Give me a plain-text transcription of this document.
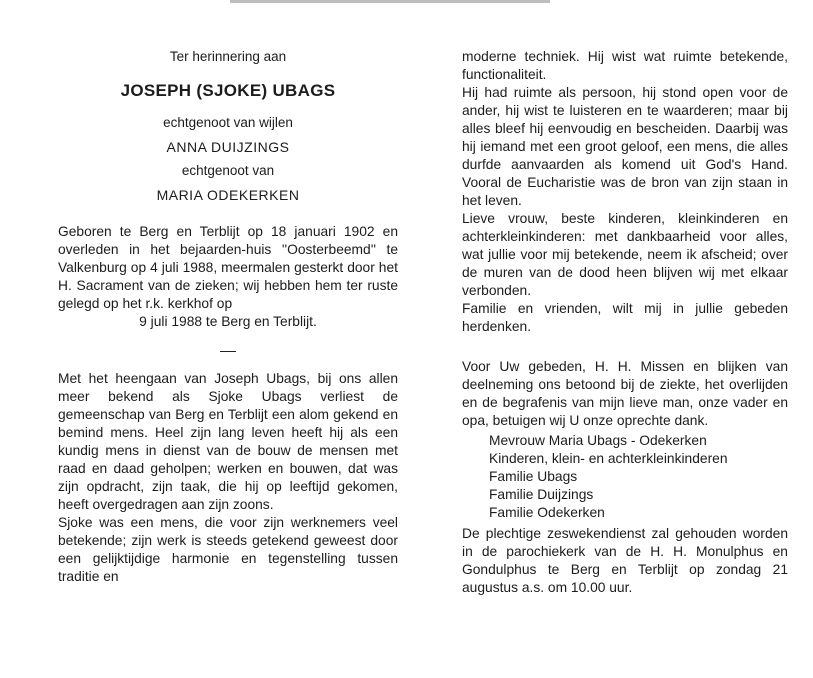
Ter herinnering aan

JOSEPH (SJOKE) UBAGS

echtgenoot van wijlen

ANNA DUIJZINGS

echtgenoot van

MARIA ODEKERKEN

Geboren te Berg en Terblijt op 18 januari 1902 en overleden in het bejaarden-huis ''Oosterbeemd'' te Valkenburg op 4 juli 1988, meermalen gesterkt door het H. Sacrament van de zieken; wij hebben hem ter ruste gelegd op het r.k. kerkhof op

9 juli 1988 te Berg en Terblijt.

Met het heengaan van Joseph Ubags, bij ons allen meer bekend als Sjoke Ubags verliest de gemeenschap van Berg en Terblijt een alom gekend en bemind mens. Heel zijn lang leven heeft hij als een kundig mens in dienst van de bouw de mensen met raad en daad geholpen; werken en bouwen, dat was zijn opdracht, zijn taak, die hij op leeftijd gekomen, heeft overgedragen aan zijn zoons.

Sjoke was een mens, die voor zijn werknemers veel betekende; zijn werk is steeds getekend geweest door een gelijktijdige harmonie en tegenstelling tussen traditie en

moderne techniek. Hij wist wat ruimte betekende, functionaliteit.

Hij had ruimte als persoon, hij stond open voor de ander, hij wist te luisteren en te waarderen; maar bij alles bleef hij eenvoudig en bescheiden. Daarbij was hij iemand met een groot geloof, een mens, die alles durfde aanvaarden als komend uit God's Hand. Vooral de Eucharistie was de bron van zijn staan in het leven.

Lieve vrouw, beste kinderen, kleinkinderen en achterkleinkinderen: met dankbaarheid voor alles, wat jullie voor mij betekende, neem ik afscheid; over de muren van de dood heen blijven wij met elkaar verbonden.

Familie en vrienden, wilt mij in jullie gebeden herdenken.

Voor Uw gebeden, H. H. Missen en blijken van deelneming ons betoond bij de ziekte, het overlijden en de begrafenis van mijn lieve man, onze vader en opa, betuigen wij U onze oprechte dank.

Mevrouw Maria Ubags - Odekerken
Kinderen, klein- en achterkleinkinderen
Familie Ubags
Familie Duijzings
Familie Odekerken

De plechtige zeswekendienst zal gehouden worden in de parochiekerk van de H. H. Monulphus en Gondulphus te Berg en Terblijt op zondag 21 augustus a.s. om 10.00 uur.
